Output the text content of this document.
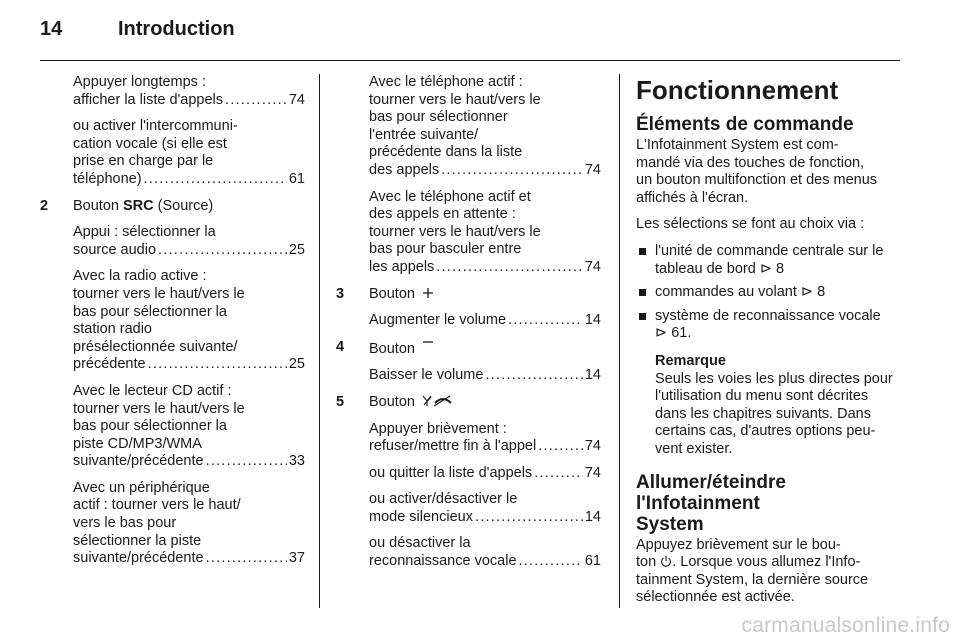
14	Introduction

Appuyer longtemps :

afficher la liste d'appels . . .	74

ou activer l'intercommuni-
cation vocale (si elle est
prise en charge par le

téléphone) . . .	61

2 Bouton SRC (Source)

Appui : sélectionner la

source audio . . .	25

Avec la radio active :
tourner vers le haut/vers le
bas pour sélectionner la
station radio
présélectionnée suivante/

précédente . . .	25

Avec le lecteur CD actif :
tourner vers le haut/vers le
bas pour sélectionner la
piste CD/MP3/WMA

suivante/précédente . . .	33

Avec un périphérique
actif : tourner vers le haut/
vers le bas pour
sélectionner la piste

suivante/précédente . . .	37

Avec le téléphone actif :
tourner vers le haut/vers le
bas pour sélectionner
l'entrée suivante/
précédente dans la liste

des appels . . .	74

Avec le téléphone actif et
des appels en attente :
tourner vers le haut/vers le
bas pour basculer entre

les appels . . .	74

3 Bouton

Augmenter le volume . . .	14

4 Bouton

Baisser le volume . . .	14

5 Bouton

Appuyer brièvement :

refuser/mettre fin à l'appel . . .	74

ou quitter la liste d'appels . . .	74

ou activer/désactiver le

mode silencieux . . .	14

ou désactiver la

reconnaissance vocale . . .	61

Fonctionnement
Éléments de commande

L'Infotainment System est com-
mandé via des touches de fonction,
un bouton multifonction et des menus
affichés à l'écran.

Les sélections se font au choix via :

l'unité de commande centrale sur le
tableau de bord ⊳ 8
commandes au volant ⊳ 8
système de reconnaissance vocale
⊳ 61.
Remarque
Seuls les voies les plus directes pour
l'utilisation du menu sont décrites
dans les chapitres suivants. Dans
certains cas, d'autres options peu-
vent exister.
Allumer/éteindre l'Infotainment
System

Appuyez brièvement sur le bou-
ton . Lorsque vous allumez l'Info-
tainment System, la dernière source
sélectionnée est activée.

carmanualsonline.info
